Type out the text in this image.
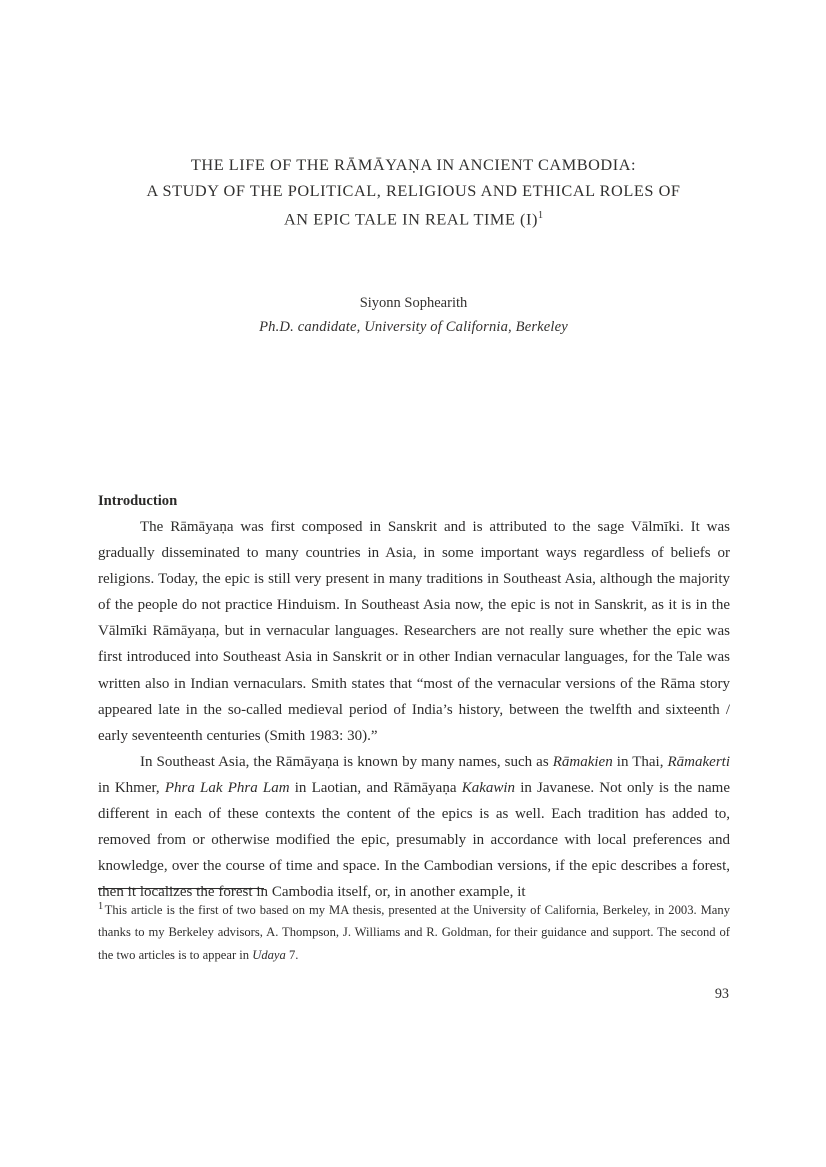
THE LIFE OF THE RĀMĀYAṆA IN ANCIENT CAMBODIA:
A STUDY OF THE POLITICAL, RELIGIOUS AND ETHICAL ROLES OF
AN EPIC TALE IN REAL TIME $(I)^1$
Siyonn Sophearith
Ph.D. candidate, University of California, Berkeley
Introduction

The Rāmāyaṇa was first composed in Sanskrit and is attributed to the sage Vālmīki. It was gradually disseminated to many countries in Asia, in some important ways regardless of beliefs or religions. Today, the epic is still very present in many traditions in Southeast Asia, although the majority of the people do not practice Hinduism. In Southeast Asia now, the epic is not in Sanskrit, as it is in the Vālmīki Rāmāyaṇa, but in vernacular languages. Researchers are not really sure whether the epic was first introduced into Southeast Asia in Sanskrit or in other Indian vernacular languages, for the Tale was written also in Indian vernaculars. Smith states that “most of the vernacular versions of the Rāma story appeared late in the so-called medieval period of India’s history, between the twelfth and sixteenth / early seventeenth centuries (Smith 1983: 30).”

In Southeast Asia, the Rāmāyaṇa is known by many names, such as Rāmakien in Thai, Rāmakerti in Khmer, Phra Lak Phra Lam in Laotian, and Rāmāyaṇa Kakawin in Javanese. Not only is the name different in each of these contexts the content of the epics is as well. Each tradition has added to, removed from or otherwise modified the epic, presumably in accordance with local preferences and knowledge, over the course of time and space. In the Cambodian versions, if the epic describes a forest, then it localizes the forest in Cambodia itself, or, in another example, it

$^1$ This article is the first of two based on my MA thesis, presented at the University of California, Berkeley, in 2003. Many thanks to my Berkeley advisors, A. Thompson, J. Williams and R. Goldman, for their guidance and support. The second of the two articles is to appear in Udaya 7.

93
